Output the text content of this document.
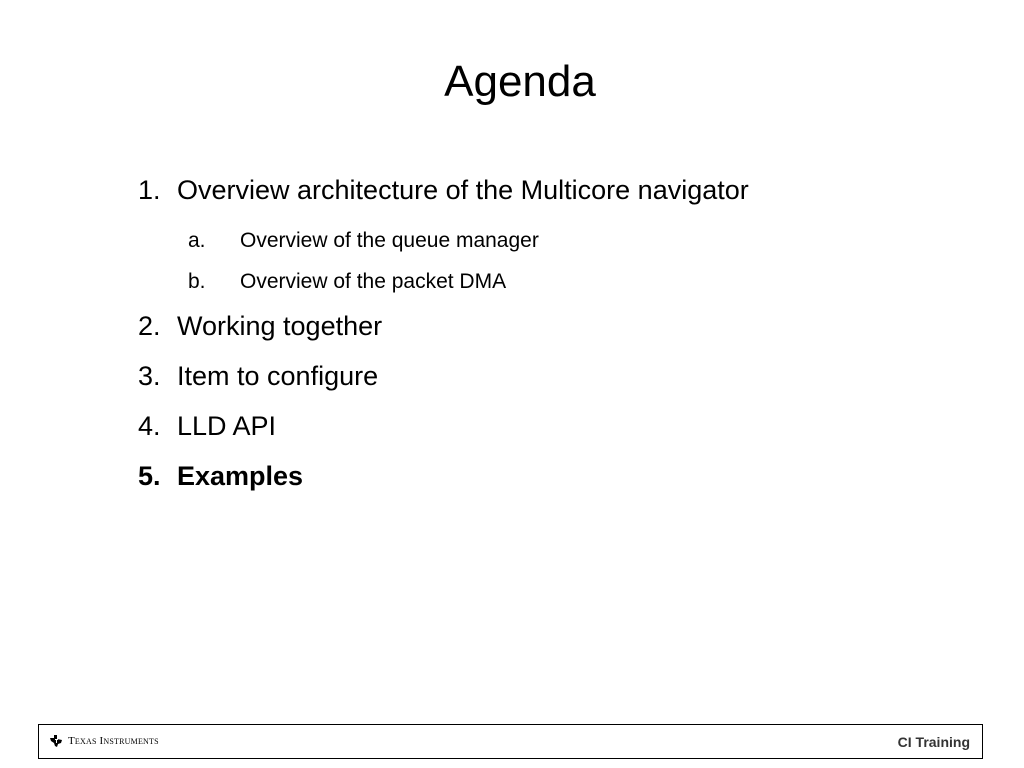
Agenda
1. Overview architecture of the Multicore navigator
a.	Overview of the queue manager
b.	Overview of the packet DMA
2. Working together
3. Item to configure
4. LLD API
5. Examples
Texas Instruments	CI Training
